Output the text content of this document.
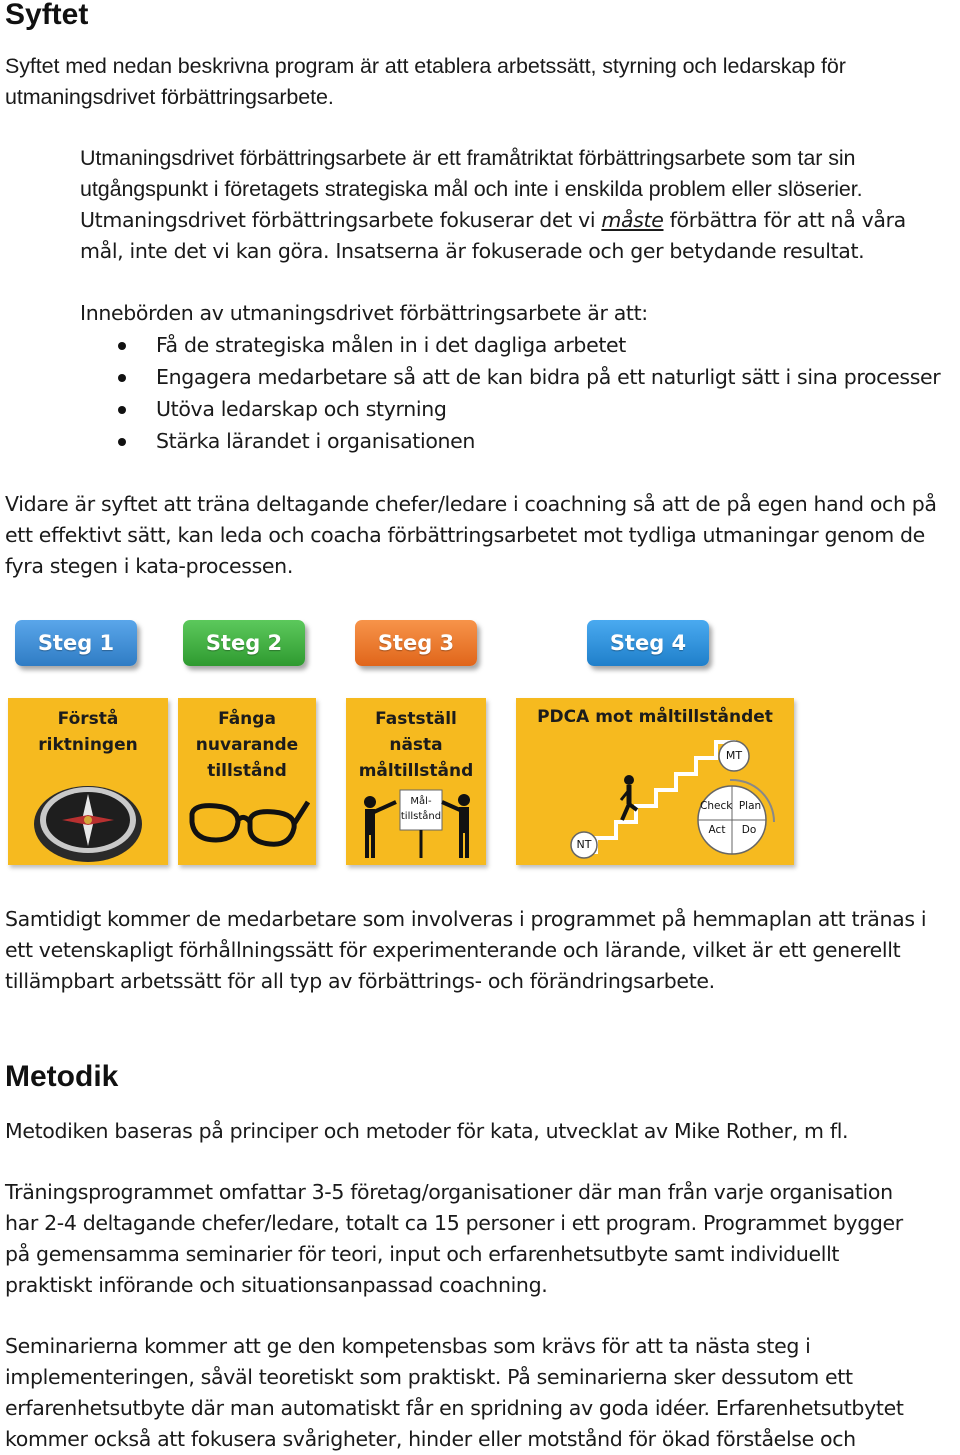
Syftet

Syftet med nedan beskrivna program är att etablera arbetssätt, styrning och ledarskap för

utmaningsdrivet förbättringsarbete.

Utmaningsdrivet förbättringsarbete är ett framåtriktat förbättringsarbete som tar sin

utgångspunkt i företagets strategiska mål och inte i enskilda problem eller slöserier.

Utmaningsdrivet förbättringsarbete fokuserar det vi måste förbättra för att nå våra

mål, inte det vi kan göra. Insatserna är fokuserade och ger betydande resultat.

Innebörden av utmaningsdrivet förbättringsarbete är att:

Få de strategiska målen in i det dagliga arbetet
Engagera medarbetare så att de kan bidra på ett naturligt sätt i sina processer
Utöva ledarskap och styrning
Stärka lärandet i organisationen

Vidare är syftet att träna deltagande chefer/ledare i coachning så att de på egen hand och på

ett effektivt sätt, kan leda och coacha förbättringsarbetet mot tydliga utmaningar genom de

fyra stegen i kata-processen.

Steg 1	Steg 2	Steg 3	Steg 4
Förstå
riktningen
Fånga
nuvarande
tillstånd
Fastställ nästa
måltillstånd
Mål-
tillstånd
PDCA mot måltillståndet
NT
MT
Check Plan
Act	Do

Samtidigt kommer de medarbetare som involveras i programmet på hemmaplan att tränas i

ett vetenskapligt förhållningssätt för experimenterande och lärande, vilket är ett generellt

tillämpbart arbetssätt för all typ av förbättrings- och förändringsarbete.

Metodik

Metodiken baseras på principer och metoder för kata, utvecklat av Mike Rother, m fl.

Träningsprogrammet omfattar 3-5 företag/organisationer där man från varje organisation

har 2-4 deltagande chefer/ledare, totalt ca 15 personer i ett program. Programmet bygger

på gemensamma seminarier för teori, input och erfarenhetsutbyte samt individuellt

praktiskt införande och situationsanpassad coachning.

Seminarierna kommer att ge den kompetensbas som krävs för att ta nästa steg i

implementeringen, såväl teoretiskt som praktiskt. På seminarierna sker dessutom ett

erfarenhetsutbyte där man automatiskt får en spridning av goda idéer. Erfarenhetsutbytet

kommer också att fokusera svårigheter, hinder eller motstånd för ökad förståelse och
